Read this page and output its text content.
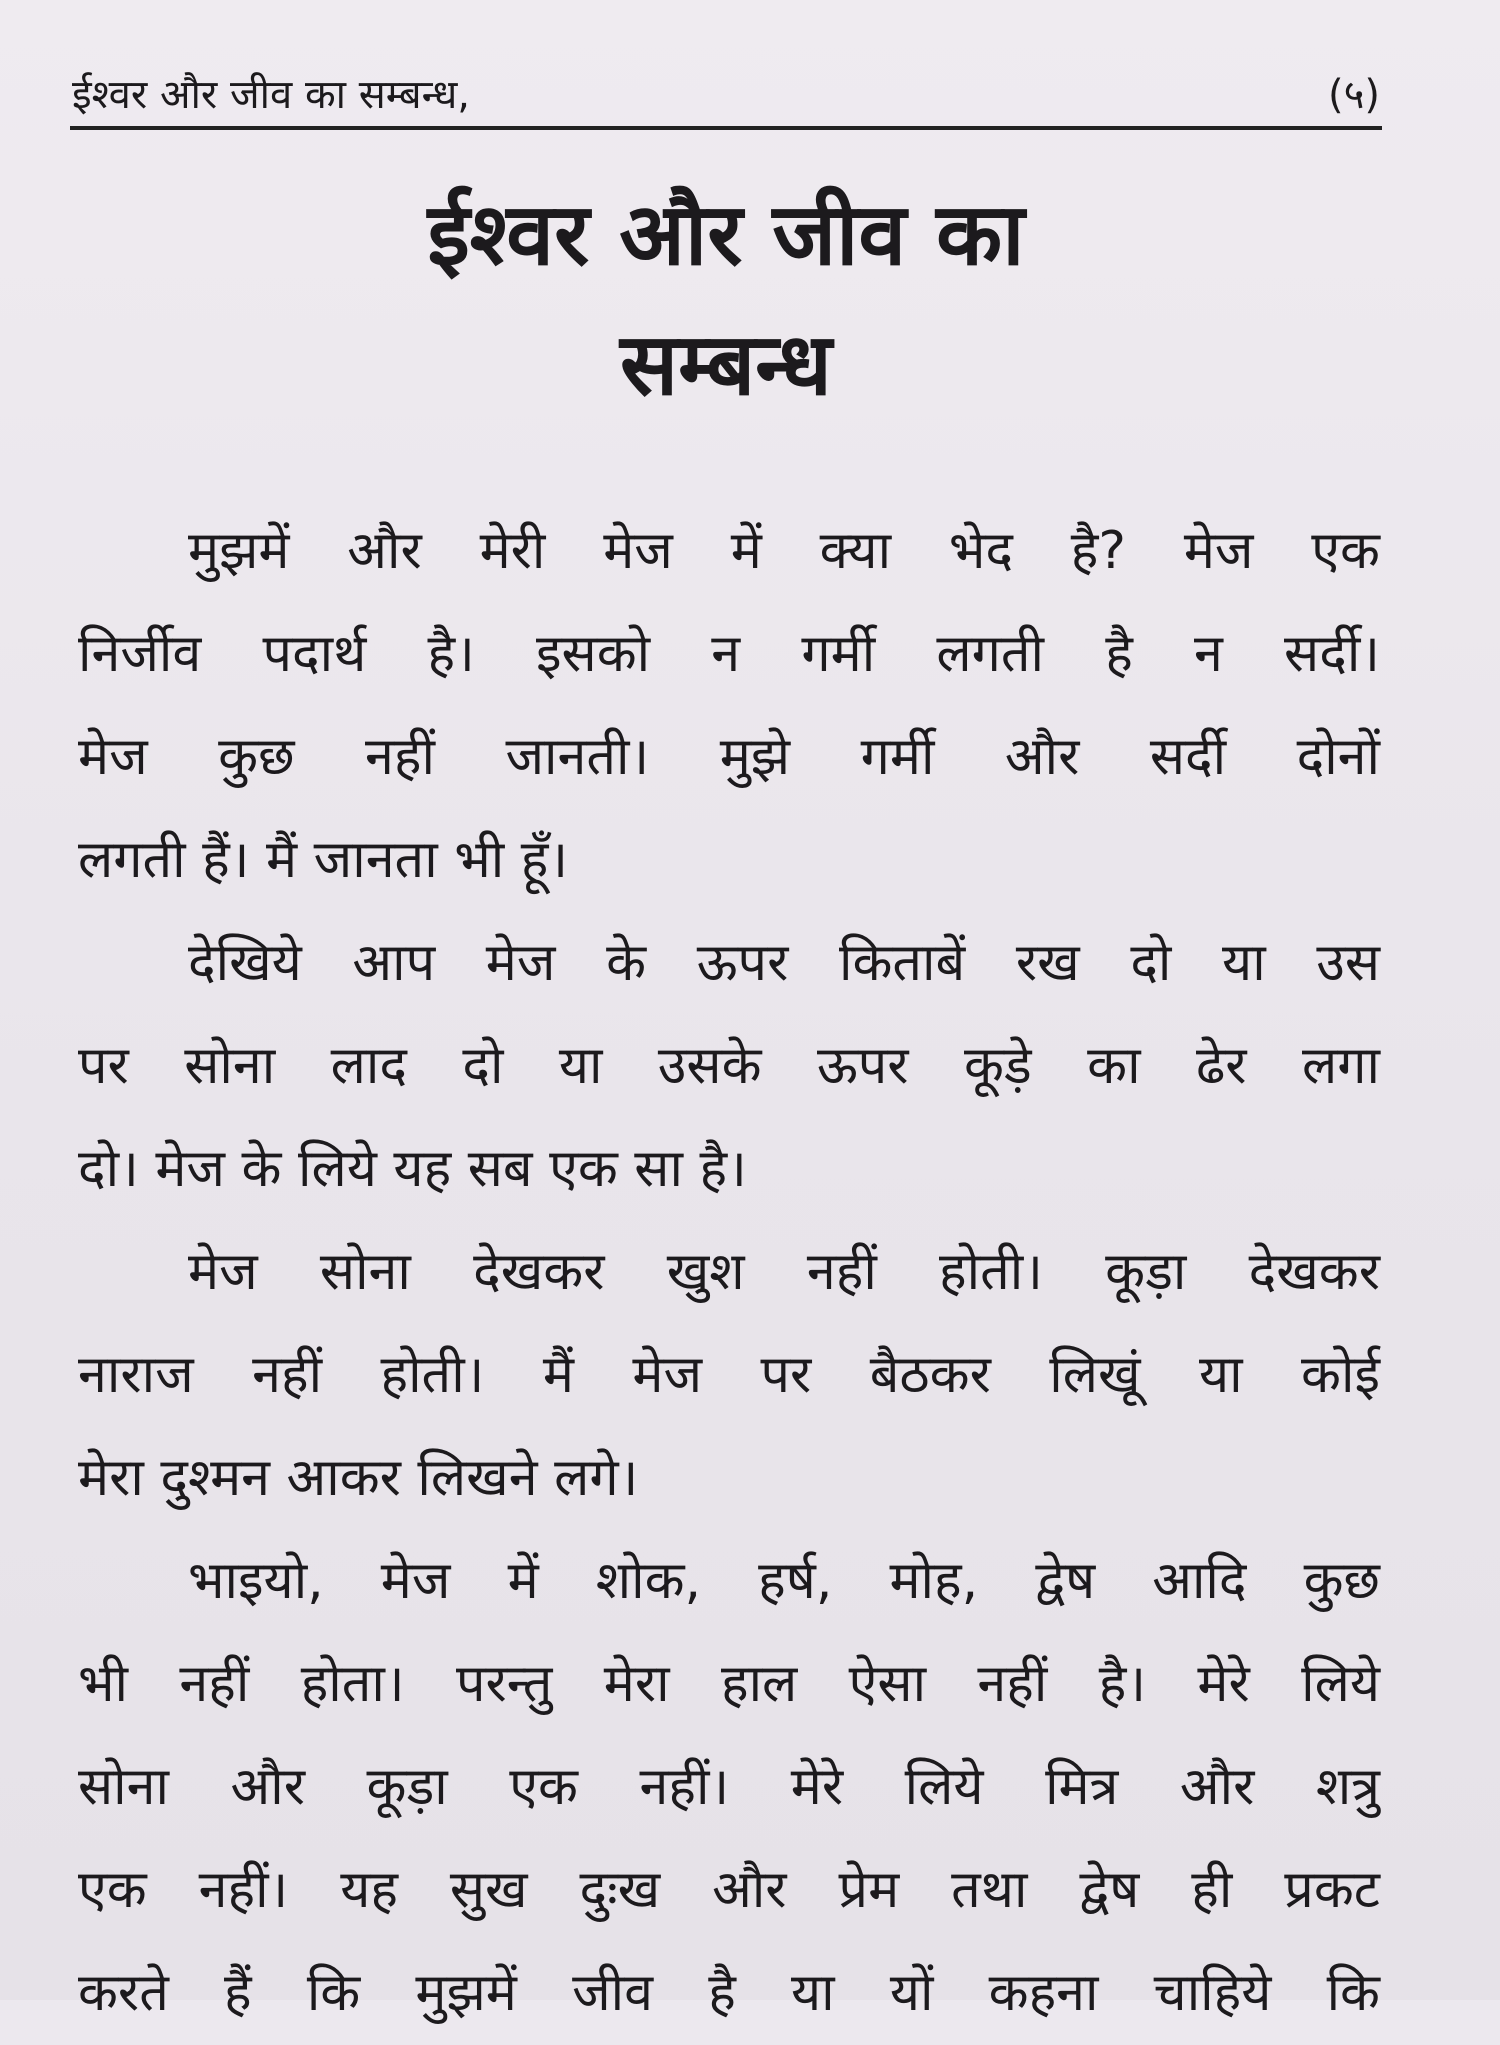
ईश्वर और जीव का सम्बन्ध,	(५)
ईश्वर और जीव का
सम्बन्ध
मुझमें और मेरी मेज में क्या भेद है? मेज एक
निर्जीव पदार्थ है। इसको न गर्मी लगती है न सर्दी।
मेज कुछ नहीं जानती। मुझे गर्मी और सर्दी दोनों
लगती हैं। मैं जानता भी हूँ।
देखिये आप मेज के ऊपर किताबें रख दो या उस
पर सोना लाद दो या उसके ऊपर कूड़े का ढेर लगा
दो। मेज के लिये यह सब एक सा है।
मेज सोना देखकर खुश नहीं होती। कूड़ा देखकर
नाराज नहीं होती। मैं मेज पर बैठकर लिखूं या कोई
मेरा दुश्मन आकर लिखने लगे।
भाइयो, मेज में शोक, हर्ष, मोह, द्वेष आदि कुछ
भी नहीं होता। परन्तु मेरा हाल ऐसा नहीं है। मेरे लिये
सोना और कूड़ा एक नहीं। मेरे लिये मित्र और शत्रु
एक नहीं। यह सुख दुःख और प्रेम तथा द्वेष ही प्रकट
करते हैं कि मुझमें जीव है या यों कहना चाहिये कि
